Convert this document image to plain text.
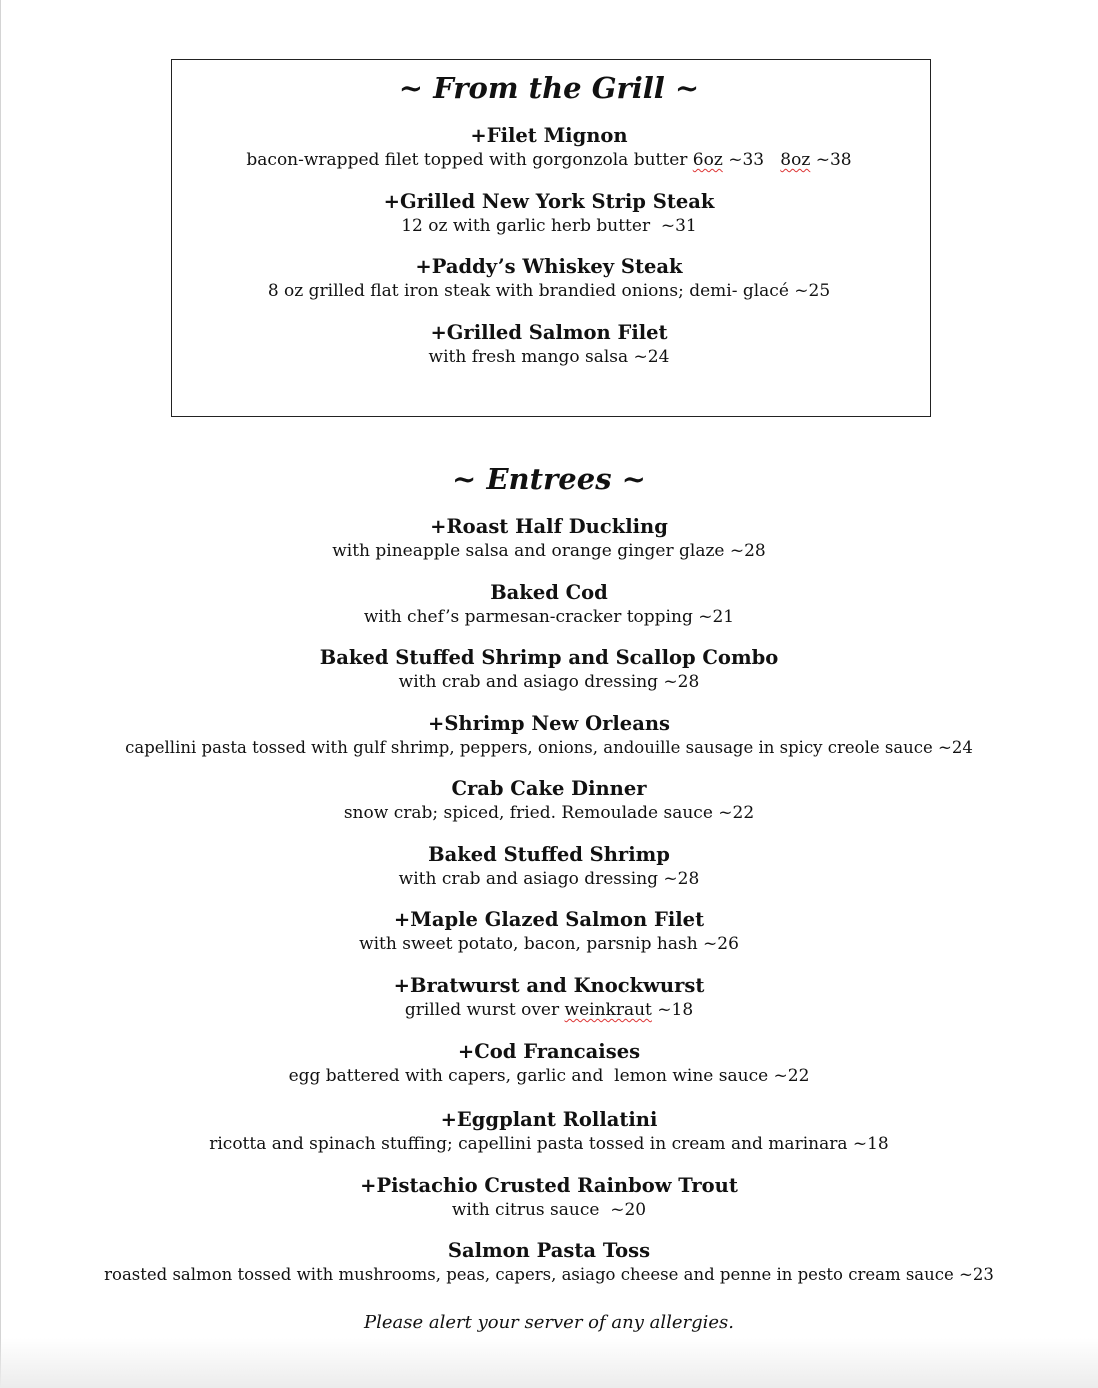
~ From the Grill ~
+Filet Mignon
bacon-wrapped filet topped with gorgonzola butter 6oz ~33   8oz ~38
+Grilled New York Strip Steak
12 oz with garlic herb butter  ~31
+Paddy’s Whiskey Steak
8 oz grilled flat iron steak with brandied onions; demi- glacé ~25
+Grilled Salmon Filet
with fresh mango salsa ~24
~ Entrees ~
+Roast Half Duckling
with pineapple salsa and orange ginger glaze ~28
Baked Cod
with chef’s parmesan-cracker topping ~21
Baked Stuffed Shrimp and Scallop Combo
with crab and asiago dressing ~28
+Shrimp New Orleans
capellini pasta tossed with gulf shrimp, peppers, onions, andouille sausage in spicy creole sauce ~24
Crab Cake Dinner
snow crab; spiced, fried. Remoulade sauce ~22
Baked Stuffed Shrimp
with crab and asiago dressing ~28
+Maple Glazed Salmon Filet
with sweet potato, bacon, parsnip hash ~26
+Bratwurst and Knockwurst
grilled wurst over weinkraut ~18
+Cod Francaises
egg battered with capers, garlic and  lemon wine sauce ~22
+Eggplant Rollatini
ricotta and spinach stuffing; capellini pasta tossed in cream and marinara ~18
+Pistachio Crusted Rainbow Trout
with citrus sauce  ~20
Salmon Pasta Toss
roasted salmon tossed with mushrooms, peas, capers, asiago cheese and penne in pesto cream sauce ~23
Please alert your server of any allergies.
